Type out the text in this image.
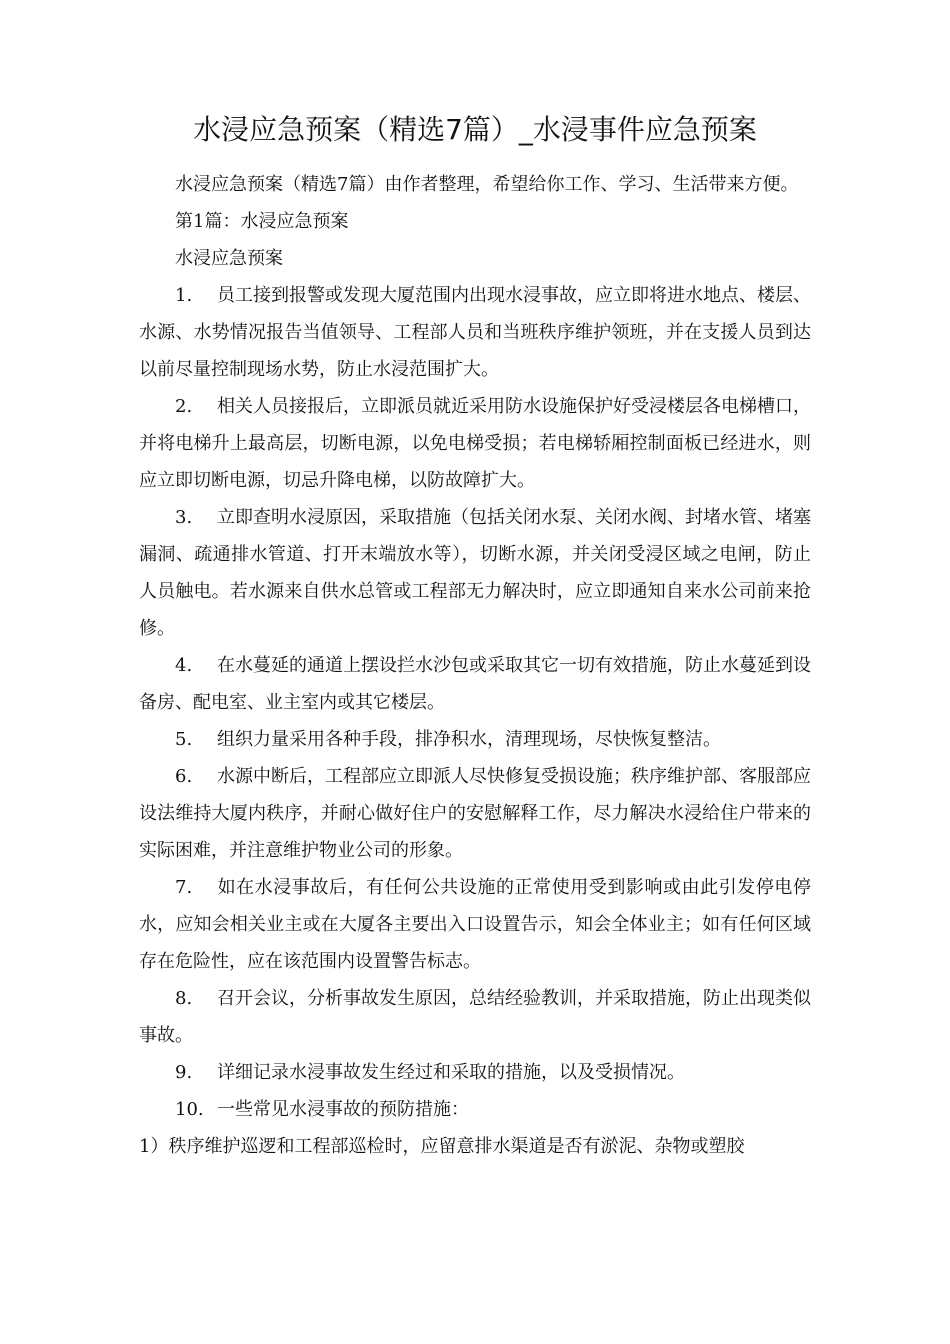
水浸应急预案（精选7篇）_水浸事件应急预案

水浸应急预案（精选7篇）由作者整理，希望给你工作、学习、生活带来方便。

第1篇：水浸应急预案

水浸应急预案

1. 员工接到报警或发现大厦范围内出现水浸事故，应立即将进水地点、楼层、水源、水势情况报告当值领导、工程部人员和当班秩序维护领班，并在支援人员到达以前尽量控制现场水势，防止水浸范围扩大。

2. 相关人员接报后，立即派员就近采用防水设施保护好受浸楼层各电梯槽口，并将电梯升上最高层，切断电源，以免电梯受损；若电梯轿厢控制面板已经进水，则应立即切断电源，切忌升降电梯，以防故障扩大。

3. 立即查明水浸原因，采取措施（包括关闭水泵、关闭水阀、封堵水管、堵塞漏洞、疏通排水管道、打开末端放水等），切断水源，并关闭受浸区域之电闸，防止人员触电。若水源来自供水总管或工程部无力解决时，应立即通知自来水公司前来抢修。

4. 在水蔓延的通道上摆设拦水沙包或采取其它一切有效措施，防止水蔓延到设备房、配电室、业主室内或其它楼层。

5. 组织力量采用各种手段，排净积水，清理现场，尽快恢复整洁。

6. 水源中断后，工程部应立即派人尽快修复受损设施；秩序维护部、客服部应设法维持大厦内秩序，并耐心做好住户的安慰解释工作，尽力解决水浸给住户带来的实际困难，并注意维护物业公司的形象。

7. 如在水浸事故后，有任何公共设施的正常使用受到影响或由此引发停电停水，应知会相关业主或在大厦各主要出入口设置告示，知会全体业主；如有任何区域存在危险性，应在该范围内设置警告标志。

8. 召开会议，分析事故发生原因，总结经验教训，并采取措施，防止出现类似事故。

9. 详细记录水浸事故发生经过和采取的措施，以及受损情况。

10. 一些常见水浸事故的预防措施：

1）秩序维护巡逻和工程部巡检时，应留意排水渠道是否有淤泥、杂物或塑胶
